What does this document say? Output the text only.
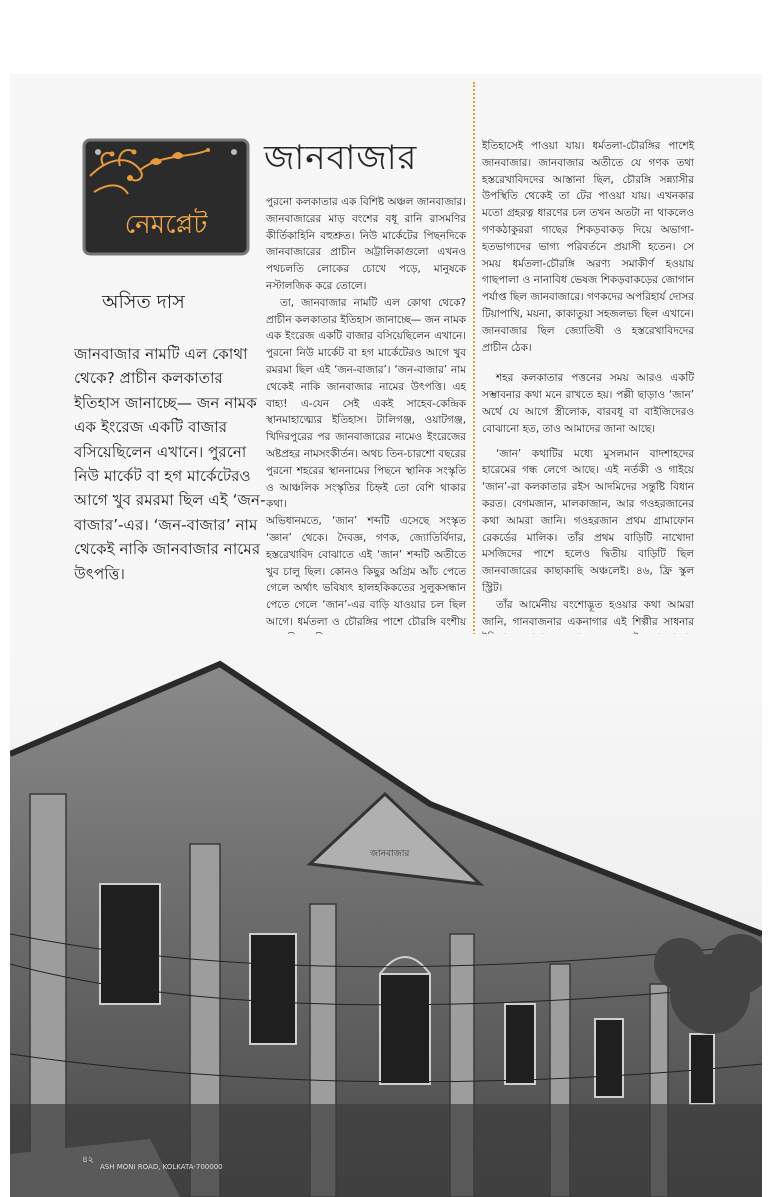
নেমপ্লেট
অসিত দাস

জানবাজার নামটি এল কোথা থেকে? প্রাচীন কলকাতার ইতিহাস জানাচ্ছে— জন নামক এক ইংরেজ একটি বাজার বসিয়েছিলেন এখানে। পুরনো নিউ মার্কেট বা হগ মার্কেটেরও আগে খুব রমরমা ছিল এই ‘জন-বাজার’-এর। ‘জন-বাজার’ নাম থেকেই নাকি জানবাজার নামের উৎপত্তি।

জানবাজার

পুরনো কলকাতার এক বিশিষ্ট অঞ্চল জানবাজার। জানবাজারের মাড় বংশের বধূ রানি রাসমণির কীর্তিকাহিনি বহুশ্রুত। নিউ মার্কেটের পিছনদিকে জানবাজারের প্রাচীন অট্টালিকাগুলো এখনও পথচলতি লোকের চোখে পড়ে, মানুষকে নস্টালজিক করে তোলে।

তা, জানবাজার নামটি এল কোথা থেকে? প্রাচীন কলকাতার ইতিহাস জানাচ্ছে— জন নামক এক ইংরেজ একটি বাজার বসিয়েছিলেন এখানে। পুরনো নিউ মার্কেট বা হগ মার্কেটেরও আগে খুব রমরমা ছিল এই ‘জন-বাজার’। ‘জন-বাজার’ নাম থেকেই নাকি জানবাজার নামের উৎপত্তি। এহ বাহ্য! এ-যেন সেই একই সাহেব-কেন্দ্রিক স্থানমাহাত্ম্যের ইতিহাস। টালিগঞ্জ, ওয়াটগঞ্জ, খিদিরপুরের পর জানবাজারের নামেও ইংরেজের অষ্টপ্রহর নামসংকীর্তন। অথচ তিন-চারশো বছরের পুরনো শহরের স্থাননামের পিছনে স্থানিক সংস্কৃতি ও আঞ্চলিক সংস্কৃতির চিহ্নই তো বেশি থাকার কথা।

অভিধানমতে, ‘জান’ শব্দটি এসেছে সংস্কৃত ‘জ্ঞান’ থেকে। দৈবজ্ঞ, গণক, জ্যোতির্বিদার, হস্তরেখাবিদ বোঝাতে এই ‘জান’ শব্দটি অতীতে খুব চালু ছিল। কোনও কিছুর অগ্রিম আঁচ পেতে গেলে অর্থাৎ ভবিষ্যৎ হালহকিকতের সুলুকসন্ধান পেতে গেলে ‘জান’-এর বাড়ি যাওয়ার চল ছিল আগে। ধর্মতলা ও চৌরঙ্গির পাশে চৌরঙ্গি বংশীয়

ইতিহাসেই পাওয়া যায়। ধর্মতলা-চৌরঙ্গির পাশেই জানবাজার। জানবাজার অতীতে যে গণক তথা হস্তরেখাবিদদের আস্তানা ছিল, চৌরঙ্গি সন্ন্যাসীর উপস্থিতি থেকেই তা টের পাওয়া যায়। এখনকার মতো গ্রহরত্ন ধারণের চল তখন অতটা না থাকলেও গণকঠাকুররা গাছের শিকড়বাকড় দিয়ে অভাগা-হতভাগ্যদের ভাগ্য পরিবর্তনে প্রয়াসী হতেন। সে সময় ধর্মতলা-চৌরঙ্গি অরণ্য সমাকীর্ণ হওয়ায় গাছপালা ও নানাবিধ ভেষজ শিকড়বাকড়ের জোগান পর্যাপ্ত ছিল জানবাজারে। গণকদের অপরিহার্য দোসর টিয়াপাখি, ময়না, কাকাতুয়া সহজলভ্য ছিল এখানে। জানবাজার ছিল জ্যোতিষী ও হস্তরেখাবিদদের প্রাচীন ঠেক।

শহর কলকাতার পত্তনের সময় আরও একটি সম্ভাবনার কথা মনে রাখতে হয়। পল্লী ছাড়াও ‘জান’ অর্থে যে আগে স্ত্রীলোক, বারবধূ বা বাইজিদেরও বোঝানো হত, তাও আমাদের জানা আছে।

‘জান’ কথাটির মধ্যে মুসলমান বাদশাহদের হারেমের গন্ধ লেগে আছে। এই নর্তকী ও গাইয়ে ‘জান’-রা কলকাতার রইস আদমিদের সন্তুষ্টি বিধান করত। বেগমজান, মালকাজান, আর গওহরজানের কথা আমরা জানি। গওহরজান প্রথম গ্রামাফোন রেকর্ডের মালিক। তাঁর প্রথম বাড়িটি নাখোদা মসজিদের পাশে হলেও দ্বিতীয় বাড়িটি ছিল জানবাজারের কাছাকাছি অঞ্চলেই। ৪৬, ফ্রি স্কুল স্ট্রিট।

তাঁর আর্মেনীয় বংশোদ্ভূত হওয়ার কথা আমরা জানি, গানবাজনার একনাগার এই শিল্পীর সাধনার

জানবাজার
ASH MONI ROAD, KOLKATA-700000
৪২
